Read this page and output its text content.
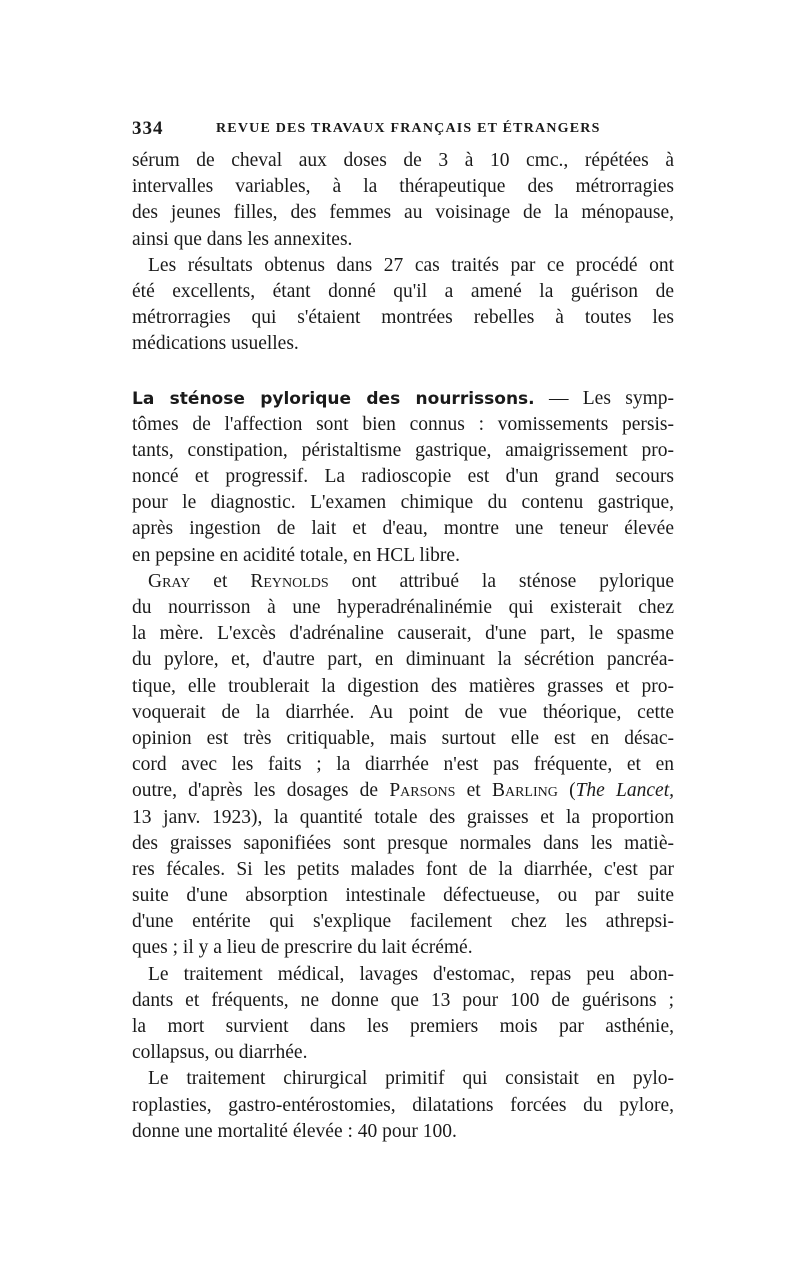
334	REVUE DES TRAVAUX FRANÇAIS ET ÉTRANGERS
sérum de cheval aux doses de 3 à 10 cmc., répétées à
intervalles variables, à la thérapeutique des métrorragies
des jeunes filles, des femmes au voisinage de la ménopause,
ainsi que dans les annexites.
Les résultats obtenus dans 27 cas traités par ce procédé ont
été excellents, étant donné qu'il a amené la guérison de
métrorragies qui s'étaient montrées rebelles à toutes les
médications usuelles.
La sténose pylorique des nourrissons. — Les symp-
tômes de l'affection sont bien connus : vomissements persis-
tants, constipation, péristaltisme gastrique, amaigrissement pro-
noncé et progressif. La radioscopie est d'un grand secours
pour le diagnostic. L'examen chimique du contenu gastrique,
après ingestion de lait et d'eau, montre une teneur élevée
en pepsine en acidité totale, en HCL libre.
Gray et Reynolds ont attribué la sténose pylorique
du nourrisson à une hyperadrénalinémie qui existerait chez
la mère. L'excès d'adrénaline causerait, d'une part, le spasme
du pylore, et, d'autre part, en diminuant la sécrétion pancréa-
tique, elle troublerait la digestion des matières grasses et pro-
voquerait de la diarrhée. Au point de vue théorique, cette
opinion est très critiquable, mais surtout elle est en désac-
cord avec les faits ; la diarrhée n'est pas fréquente, et en
outre, d'après les dosages de Parsons et Barling (The Lancet,
13 janv. 1923), la quantité totale des graisses et la proportion
des graisses saponifiées sont presque normales dans les matiè-
res fécales. Si les petits malades font de la diarrhée, c'est par
suite d'une absorption intestinale défectueuse, ou par suite
d'une entérite qui s'explique facilement chez les athrepsi-
ques ; il y a lieu de prescrire du lait écrémé.
Le traitement médical, lavages d'estomac, repas peu abon-
dants et fréquents, ne donne que 13 pour 100 de guérisons ;
la mort survient dans les premiers mois par asthénie,
collapsus, ou diarrhée.
Le traitement chirurgical primitif qui consistait en pylo-
roplasties, gastro-entérostomies, dilatations forcées du pylore,
donne une mortalité élevée : 40 pour 100.
